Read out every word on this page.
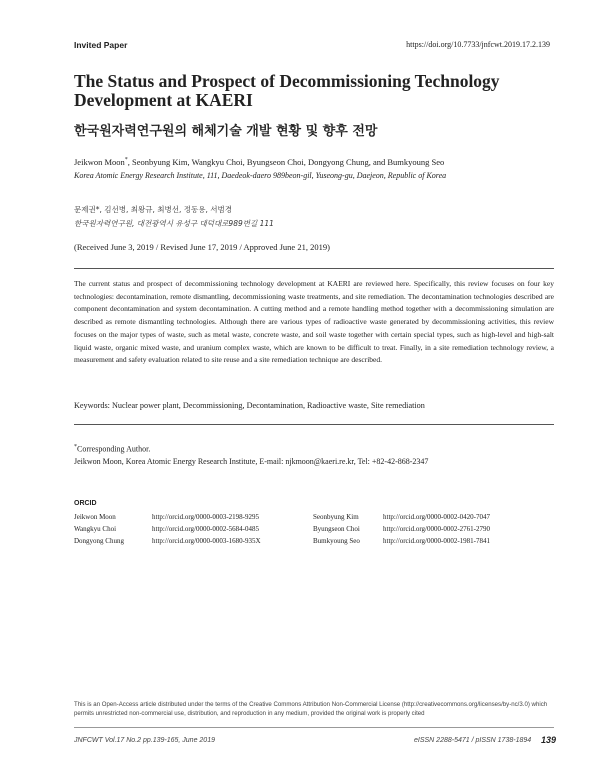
Invited Paper	https://doi.org/10.7733/jnfcwt.2019.17.2.139
The Status and Prospect of Decommissioning Technology Development at KAERI
한국원자력연구원의 해체기술 개발 현황 및 향후 전망
Jeikwon Moon*, Seonbyung Kim, Wangkyu Choi, Byungseon Choi, Dongyong Chung, and Bumkyoung Seo
Korea Atomic Energy Research Institute, 111, Daedeok-daero 989beon-gil, Yuseong-gu, Daejeon, Republic of Korea
문제권*, 김선병, 최왕규, 최병선, 정동용, 서범경
한국원자력연구원, 대전광역시 유성구 대덕대로989번길 111
(Received June 3, 2019 / Revised June 17, 2019 / Approved June 21, 2019)
The current status and prospect of decommissioning technology development at KAERI are reviewed here. Specifically, this review focuses on four key technologies: decontamination, remote dismantling, decommissioning waste treatments, and site remediation. The decontamination technologies described are component decontamination and system decontamination. A cutting method and a remote handling method together with a decommissioning simulation are described as remote dismantling technologies. Although there are various types of radioactive waste generated by decommissioning activities, this review focuses on the major types of waste, such as metal waste, concrete waste, and soil waste together with certain special types, such as high-level and high-salt liquid waste, organic mixed waste, and uranium complex waste, which are known to be difficult to treat. Finally, in a site remediation technology review, a measurement and safety evaluation related to site reuse and a site remediation technique are described.
Keywords: Nuclear power plant, Decommissioning, Decontamination, Radioactive waste, Site remediation
*Corresponding Author.
Jeikwon Moon, Korea Atomic Energy Research Institute, E-mail: njkmoon@kaeri.re.kr, Tel: +82-42-868-2347
ORCID
Jeikwon Moon	http://orcid.org/0000-0003-2198-9295	Seonbyung Kim	http://orcid.org/0000-0002-0420-7047
Wangkyu Choi	http://orcid.org/0000-0002-5684-0485	Byungseon Choi	http://orcid.org/0000-0002-2761-2790
Dongyong Chung	http://orcid.org/0000-0003-1680-935X	Bumkyoung Seo	http://orcid.org/0000-0002-1981-7841
This is an Open-Access article distributed under the terms of the Creative Commons Attribution Non-Commercial License (http://creativecommons.org/licenses/by-nc/3.0) which permits unrestricted non-commercial use, distribution, and reproduction in any medium, provided the original work is properly cited
JNFCWT Vol.17 No.2 pp.139-165, June 2019	eISSN 2288-5471 / pISSN 1738-1894 139
